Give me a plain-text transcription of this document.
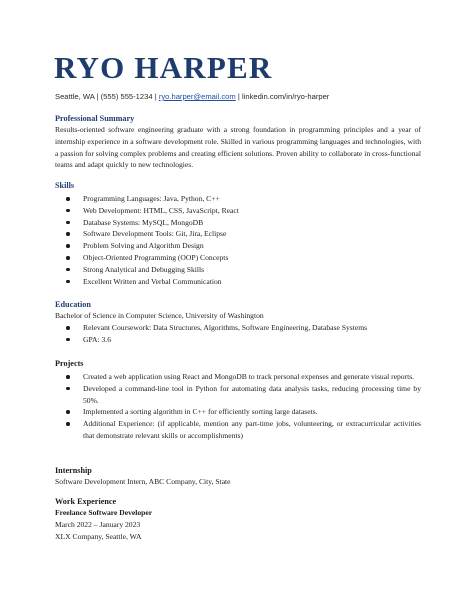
RYO HARPER
Seattle, WA | (555) 555-1234 | ryo.harper@email.com | linkedin.com/in/ryo-harper
Professional Summary

Results-oriented software engineering graduate with a strong foundation in programming principles and a year of internship experience in a software development role. Skilled in various programming languages and technologies, with a passion for solving complex problems and creating efficient solutions. Proven ability to collaborate in cross-functional teams and adapt quickly to new technologies.

Skills
Programming Languages: Java, Python, C++
Web Development: HTML, CSS, JavaScript, React
Database Systems: MySQL, MongoDB
Software Development Tools: Git, Jira, Eclipse
Problem Solving and Algorithm Design
Object-Oriented Programming (OOP) Concepts
Strong Analytical and Debugging Skills
Excellent Written and Verbal Communication
Education
Bachelor of Science in Computer Science, University of Washington
Relevant Coursework: Data Structures, Algorithms, Software Engineering, Database Systems
GPA: 3.6
Projects
Created a web application using React and MongoDB to track personal expenses and generate visual reports.
Developed a command-line tool in Python for automating data analysis tasks, reducing processing time by 50%.
Implemented a sorting algorithm in C++ for efficiently sorting large datasets.
Additional Experience: (if applicable, mention any part-time jobs, volunteering, or extracurricular activities that demonstrate relevant skills or accomplishments)
Internship
Software Development Intern, ABC Company, City, State
Work Experience
Freelance Software Developer
March 2022 – January 2023
XLX Company, Seattle, WA
